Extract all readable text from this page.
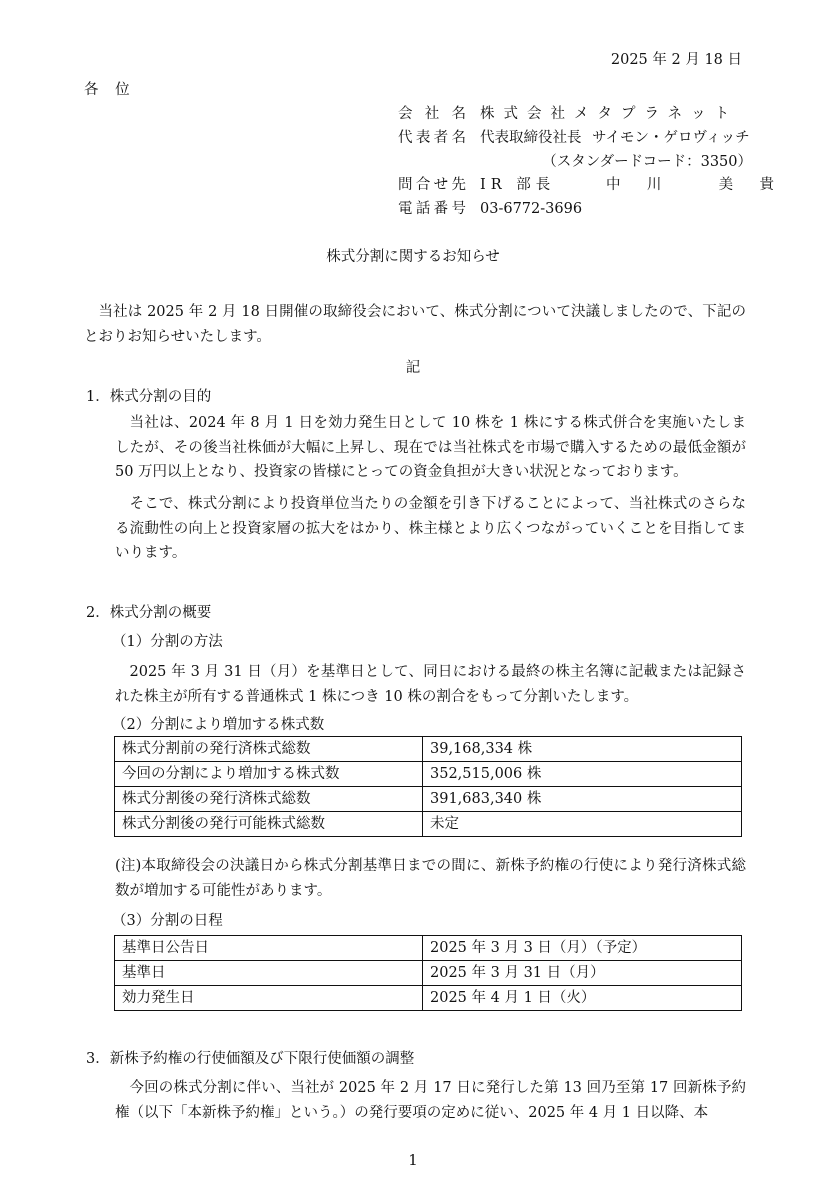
2025 年 2 月 18 日
各 位
会社名 株式会社メタプラネット
代表者名 代表取締役社長 サイモン・ゲロヴィッチ
（スタンダードコード：3350）
問合せ先 IR 部長	中川 美貴
電話番号 03-6772-3696
株式分割に関するお知らせ
当社は 2025 年 2 月 18 日開催の取締役会において、株式分割について決議しましたので、下記のとおりお知らせいたします。
記
1．株式分割の目的
当社は、2024 年 8 月 1 日を効力発生日として 10 株を 1 株にする株式併合を実施いたしましたが、その後当社株価が大幅に上昇し、現在では当社株式を市場で購入するための最低金額が 50 万円以上となり、投資家の皆様にとっての資金負担が大きい状況となっております。
そこで、株式分割により投資単位当たりの金額を引き下げることによって、当社株式のさらなる流動性の向上と投資家層の拡大をはかり、株主様とより広くつながっていくことを目指してまいります。
2．株式分割の概要
（1）分割の方法
2025 年 3 月 31 日（月）を基準日として、同日における最終の株主名簿に記載または記録された株主が所有する普通株式 1 株につき 10 株の割合をもって分割いたします。
（2）分割により増加する株式数
株式分割前の発行済株式総数	39,168,334 株
今回の分割により増加する株式数	352,515,006 株
株式分割後の発行済株式総数	391,683,340 株
株式分割後の発行可能株式総数	未定
(注)本取締役会の決議日から株式分割基準日までの間に、新株予約権の行使により発行済株式総数が増加する可能性があります。
（3）分割の日程
基準日公告日	2025 年 3 月 3 日（月）（予定）
基準日	2025 年 3 月 31 日（月）
効力発生日	2025 年 4 月 1 日（火）
3．新株予約権の行使価額及び下限行使価額の調整
今回の株式分割に伴い、当社が 2025 年 2 月 17 日に発行した第 13 回乃至第 17 回新株予約権（以下「本新株予約権」という。）の発行要項の定めに従い、2025 年 4 月 1 日以降、本
1
